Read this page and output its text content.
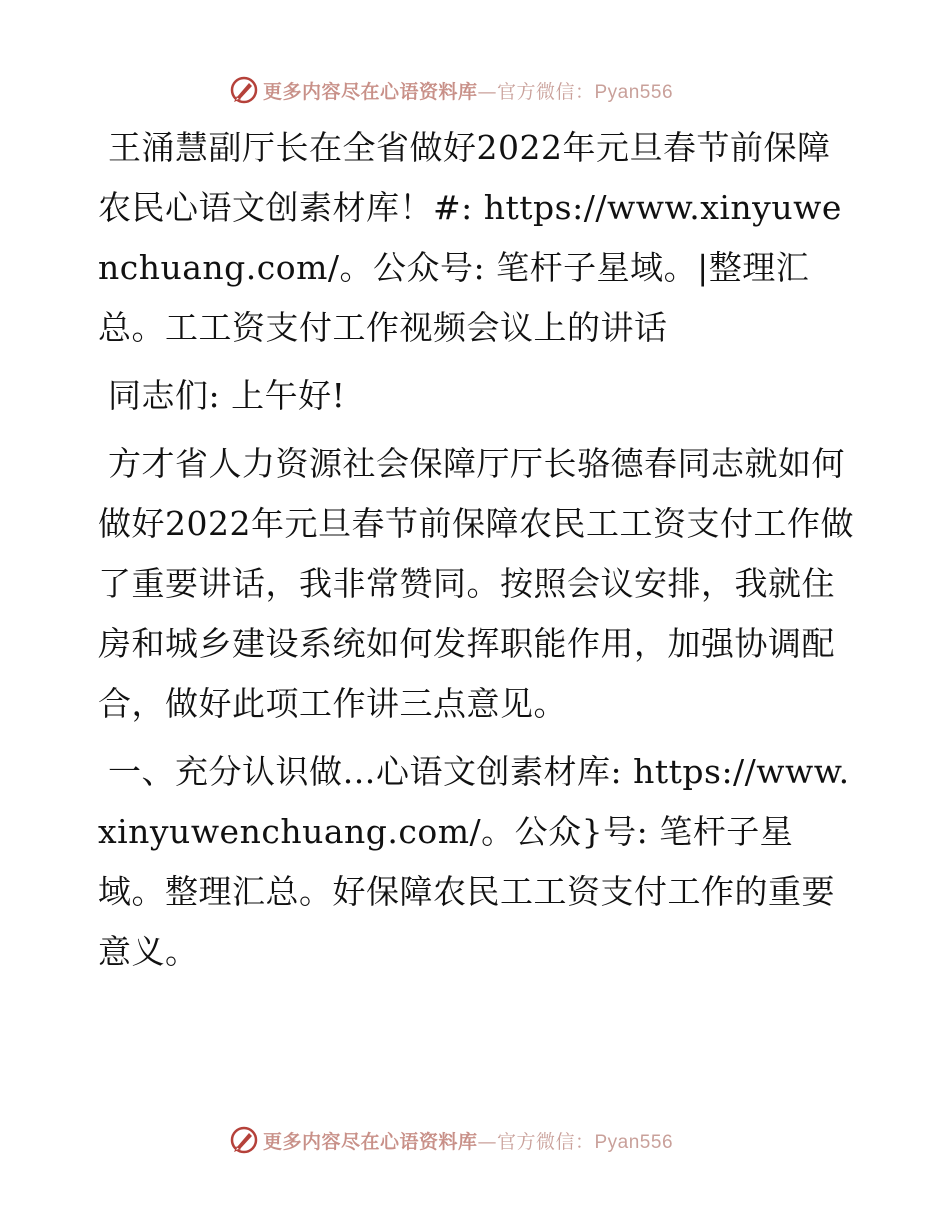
更多内容尽在心语资料库—官方微信：Pyan556

王涌慧副厅长在全省做好2022年元旦春节前保障农民心语文创素材库！#: https://www.xinyuwenchuang.com/。公众号: 笔杆子星域。|整理汇总。工工资支付工作视频会议上的讲话

同志们: 上午好!

方才省人力资源社会保障厅厅长骆德春同志就如何做好2022年元旦春节前保障农民工工资支付工作做了重要讲话，我非常赞同。按照会议安排，我就住房和城乡建设系统如何发挥职能作用，加强协调配合，做好此项工作讲三点意见。

一、充分认识做…心语文创素材库: https://www.xinyuwenchuang.com/。公众}号: 笔杆子星域。整理汇总。好保障农民工工资支付工作的重要意义。

更多内容尽在心语资料库—官方微信：Pyan556
